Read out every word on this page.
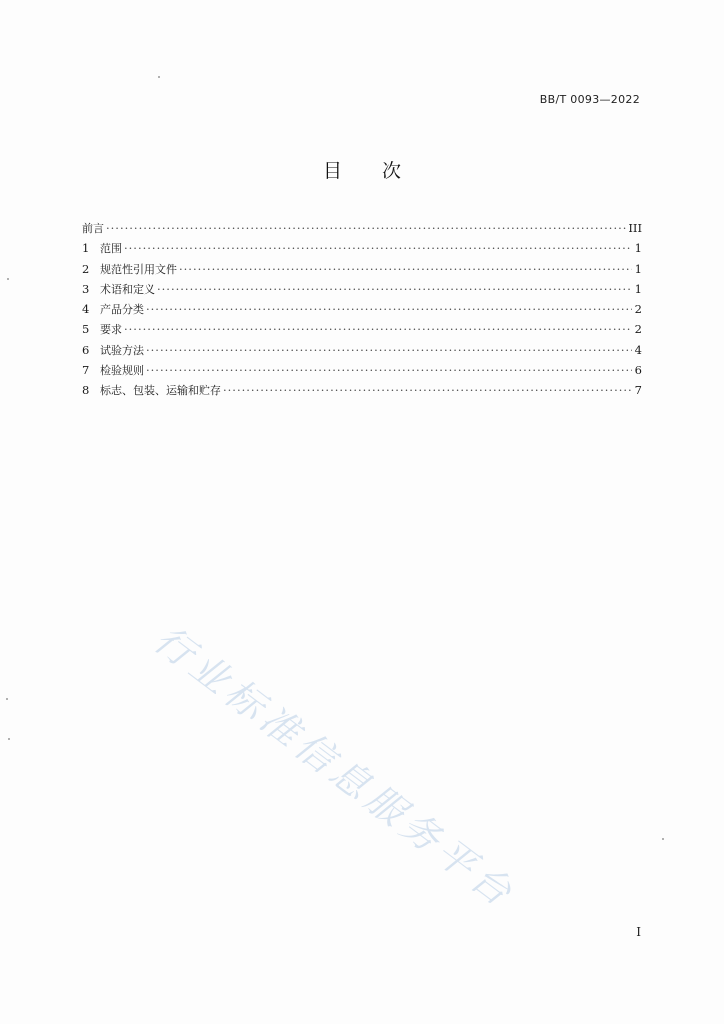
BB/T 0093—2022
目次
前言 ·····	III
1 范围 ·····	1
2 规范性引用文件 ·····	1
3 术语和定义 ·····	1
4 产品分类 ·····	2
5 要求 ·····	2
6 试验方法 ·····	4
7 检验规则 ·····	6
8 标志、包装、运输和贮存 ·····	7
行业标准信息服务平台
I
